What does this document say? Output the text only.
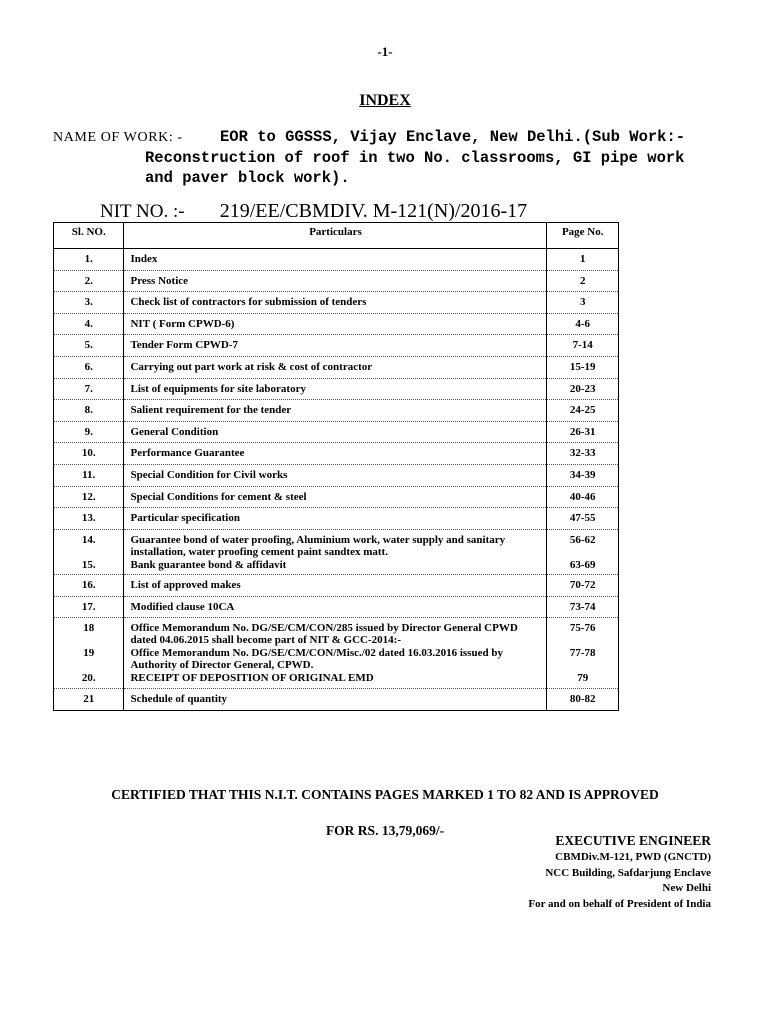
-1-
INDEX
NAME OF WORK: - EOR to GGSSS, Vijay Enclave, New Delhi.(Sub Work:-
Reconstruction of roof in two No. classrooms, GI pipe work and paver block work).
NIT NO. :- 219/EE/CBMDIV. M-121(N)/2016-17
Sl. NO.	Particulars	Page No.
1.	Index	1
2.	Press Notice	2
3.	Check list of contractors for submission of tenders	3
4.	NIT ( Form CPWD-6)	4-6
5.	Tender Form CPWD-7	7-14
6.	Carrying out part work at risk & cost of contractor	15-19
7.	List of equipments for site laboratory	20-23
8.	Salient requirement for the tender	24-25
9.	General Condition	26-31
10.	Performance Guarantee	32-33
11.	Special Condition for Civil works	34-39
12.	Special Conditions for cement & steel	40-46
13.	Particular specification	47-55
14.	Guarantee bond of water proofing, Aluminium work, water supply and sanitary installation, water proofing cement paint sandtex matt.	56-62
15.	Bank guarantee bond & affidavit	63-69
16.	List of approved makes	70-72
17.	Modified clause 10CA	73-74
18	Office Memorandum No. DG/SE/CM/CON/285 issued by Director General CPWD dated 04.06.2015 shall become part of NIT & GCC-2014:-	75-76
19	Office Memorandum No. DG/SE/CM/CON/Misc./02 dated 16.03.2016 issued by Authority of Director General, CPWD.	77-78
20.	RECEIPT OF DEPOSITION OF ORIGINAL EMD	79
21	Schedule of quantity	80-82

CERTIFIED THAT THIS N.I.T. CONTAINS PAGES MARKED 1 TO 82 AND IS APPROVED

FOR RS. 13,79,069/-

EXECUTIVE ENGINEER
CBMDiv.M-121, PWD (GNCTD)
NCC Building, Safdarjung Enclave
New Delhi
For and on behalf of President of India
